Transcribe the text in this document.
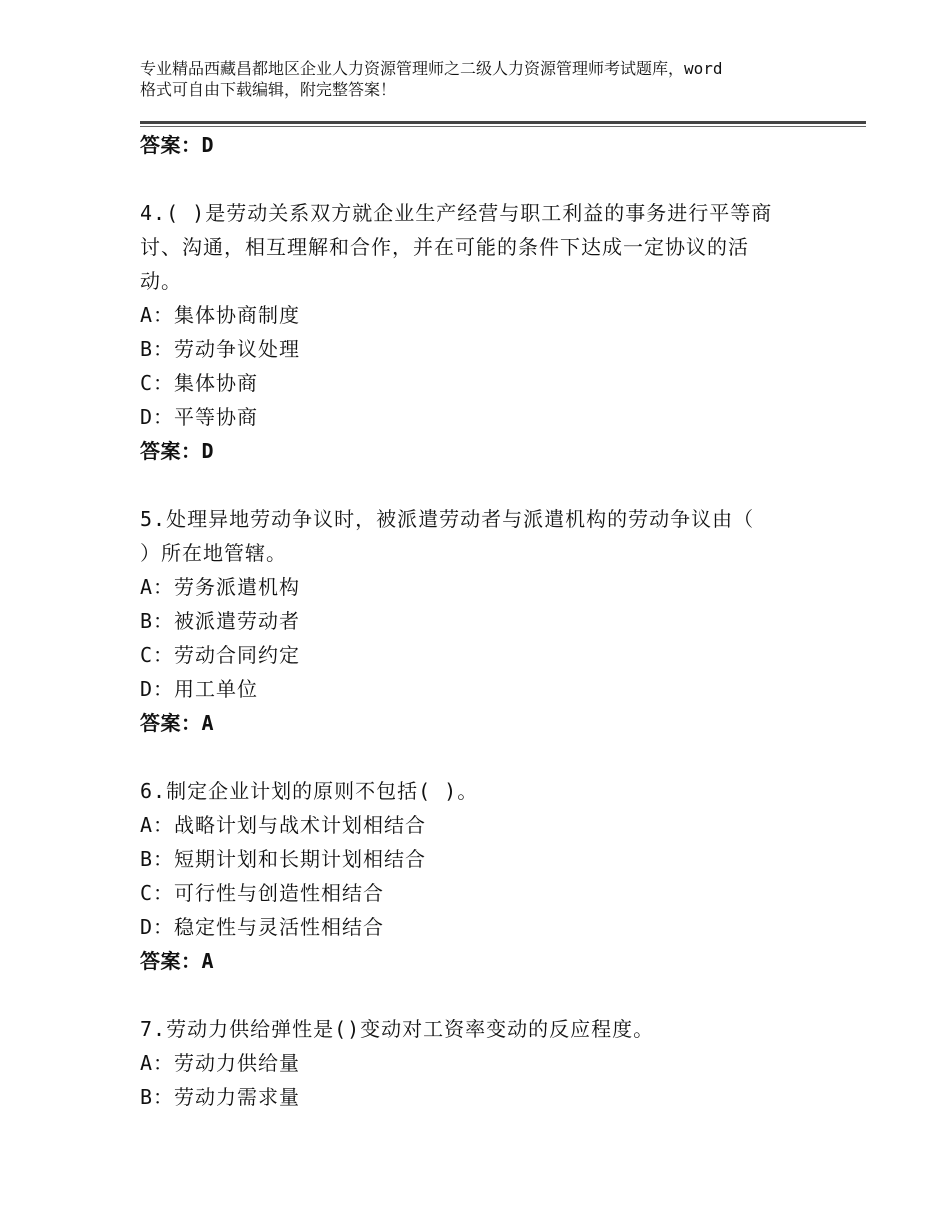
专业精品西藏昌都地区企业人力资源管理师之二级人力资源管理师考试题库，word
格式可自由下载编辑，附完整答案！
答案：D
4.( )是劳动关系双方就企业生产经营与职工利益的事务进行平等商
讨、沟通，相互理解和合作，并在可能的条件下达成一定协议的活
动。
A：集体协商制度
B：劳动争议处理
C：集体协商
D：平等协商
答案：D
5.处理异地劳动争议时，被派遣劳动者与派遣机构的劳动争议由（
）所在地管辖。
A：劳务派遣机构
B：被派遣劳动者
C：劳动合同约定
D：用工单位
答案：A
6.制定企业计划的原则不包括( )。
A：战略计划与战术计划相结合
B：短期计划和长期计划相结合
C：可行性与创造性相结合
D：稳定性与灵活性相结合
答案：A
7.劳动力供给弹性是()变动对工资率变动的反应程度。
A：劳动力供给量
B：劳动力需求量
